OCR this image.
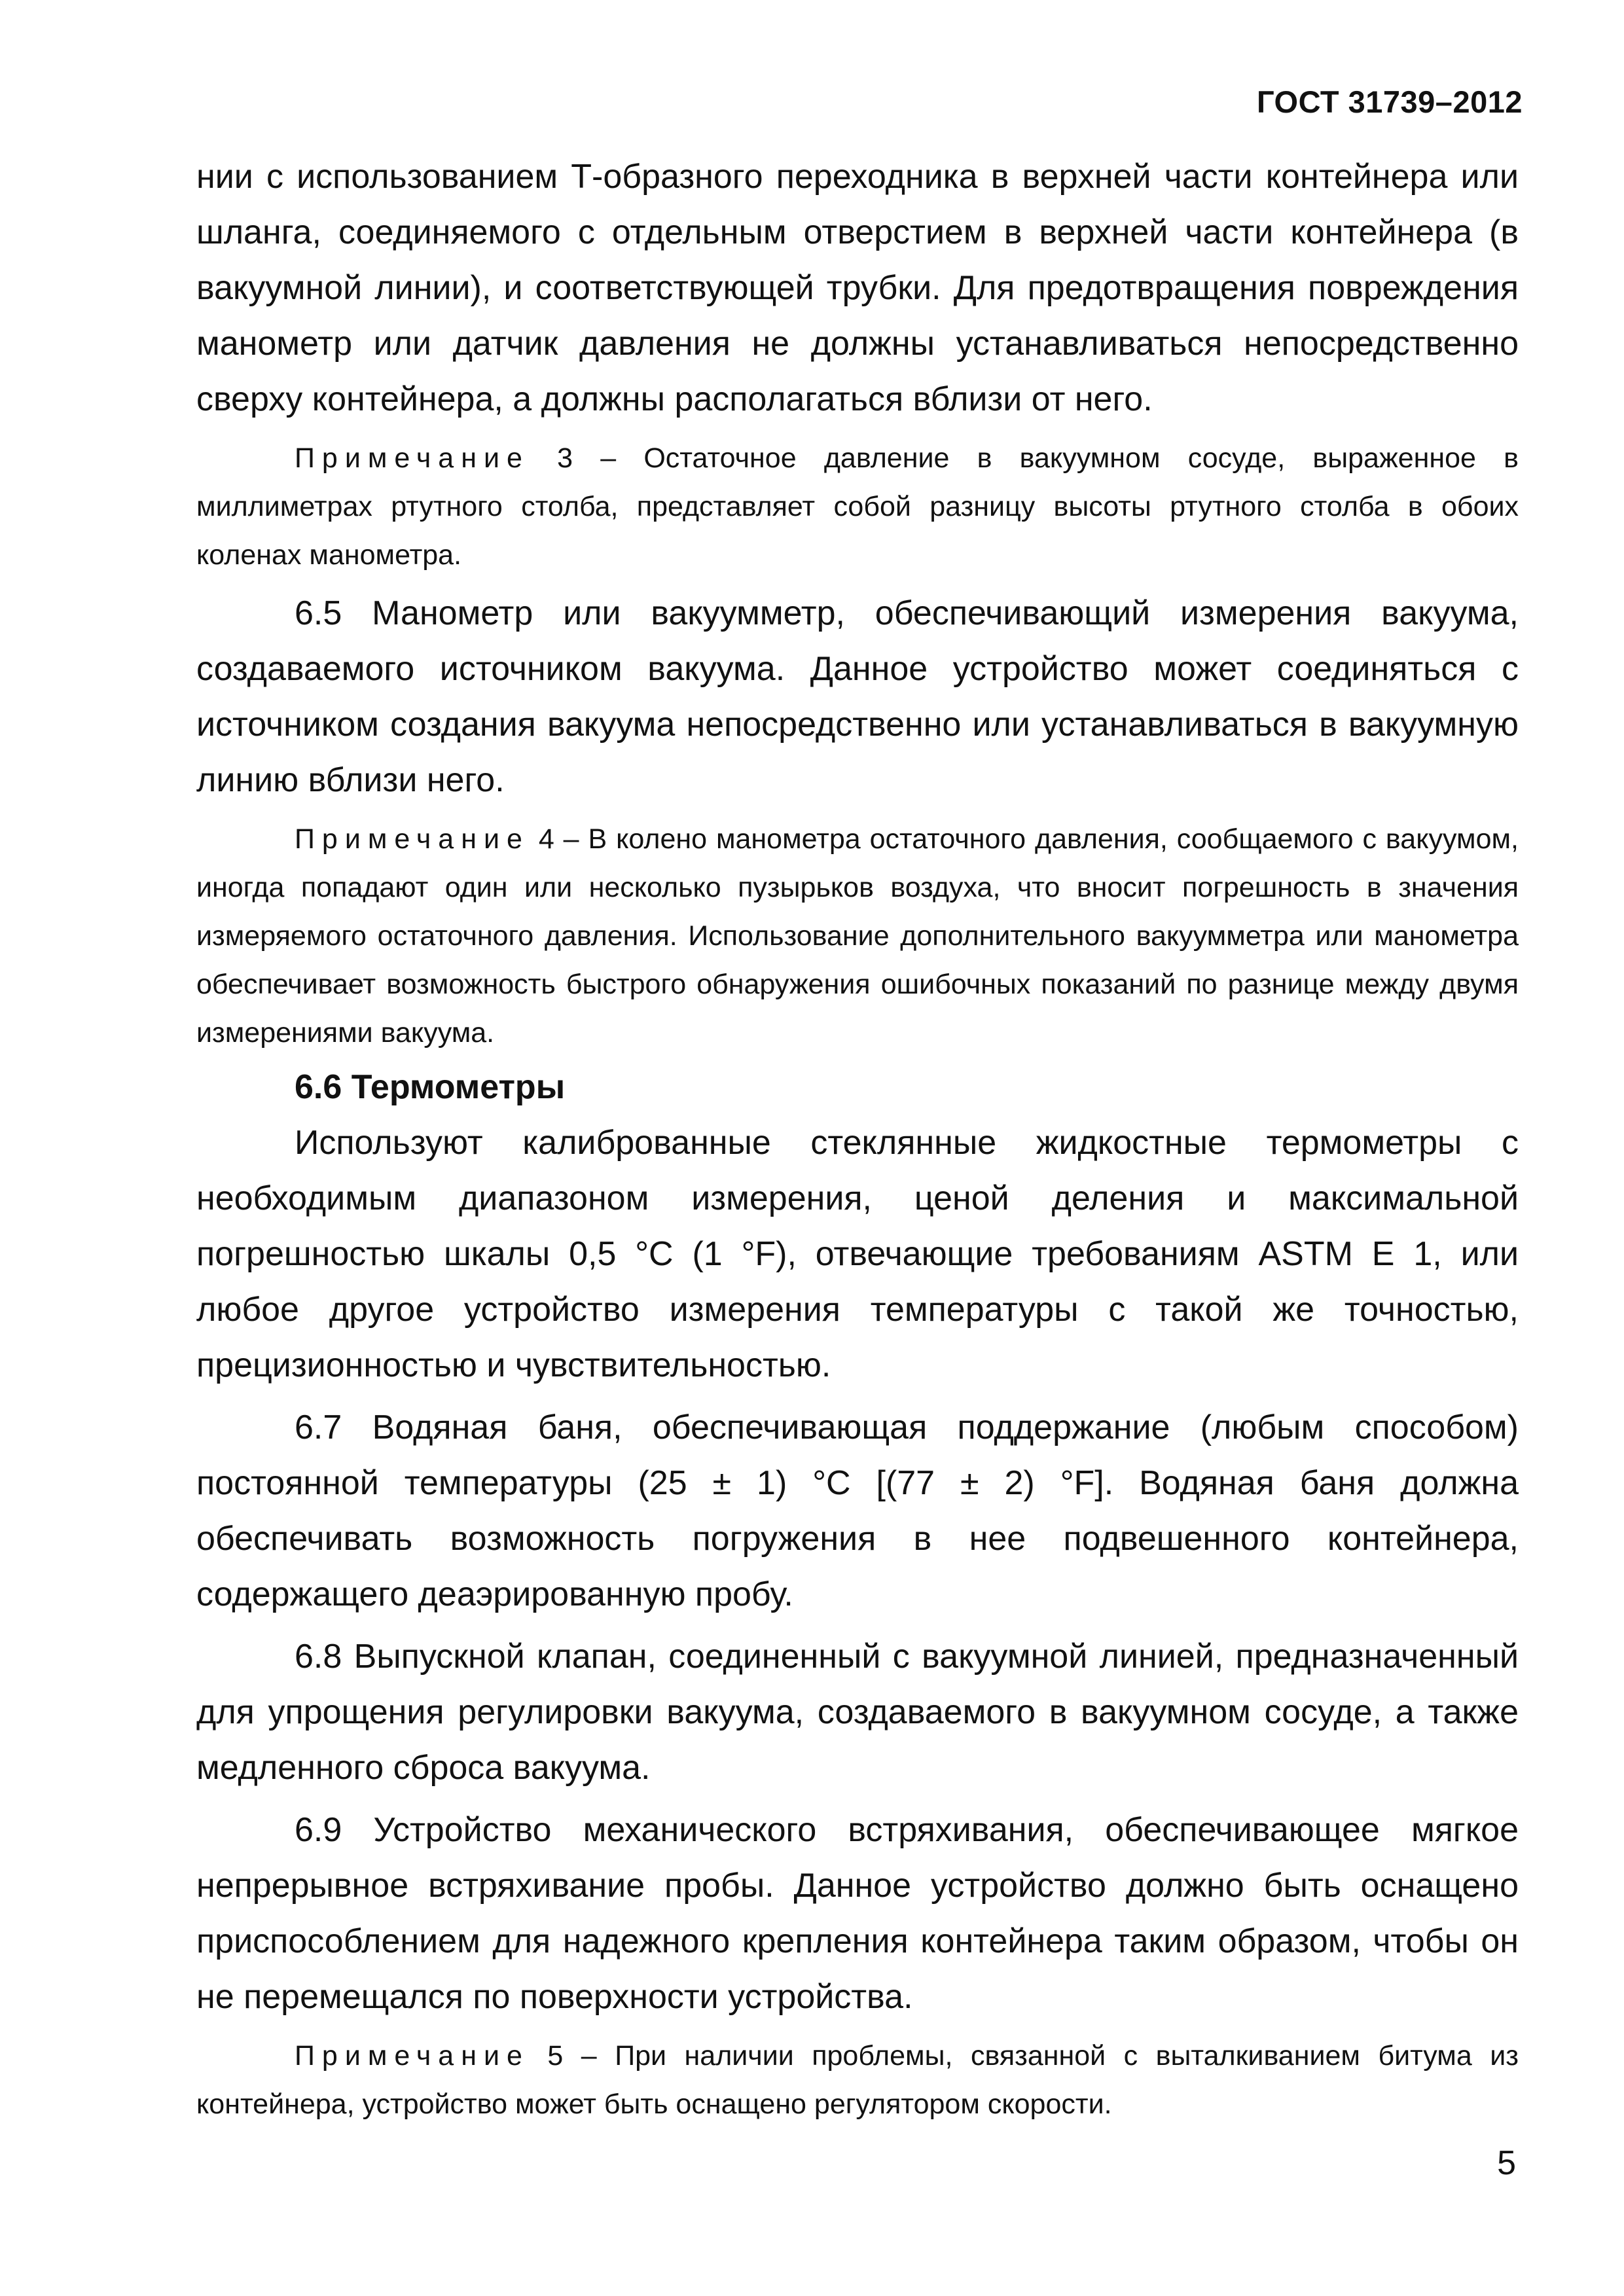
ГОСТ 31739–2012

нии с использованием Т-образного переходника в верхней части контейнера или шланга, соединяемого с отдельным отверстием в верхней части контейнера (в вакуумной линии), и соответствующей трубки. Для предотвращения повреждения манометр или датчик давления не должны устанавливаться непосредственно сверху контейнера, а должны располагаться вблизи от него.

Примечание 3 – Остаточное давление в вакуумном сосуде, выраженное в миллиметрах ртутного столба, представляет собой разницу высоты ртутного столба в обоих коленах манометра.

6.5 Манометр или вакуумметр, обеспечивающий измерения вакуума, создаваемого источником вакуума. Данное устройство может соединяться с источником создания вакуума непосредственно или устанавливаться в вакуумную линию вблизи него.

Примечание 4 – В колено манометра остаточного давления, сообщаемого с вакуумом, иногда попадают один или несколько пузырьков воздуха, что вносит погрешность в значения измеряемого остаточного давления. Использование дополнительного вакуумметра или манометра обеспечивает возможность быстрого обнаружения ошибочных показаний по разнице между двумя измерениями вакуума.

6.6 Термометры

Используют калиброванные стеклянные жидкостные термометры с необходимым диапазоном измерения, ценой деления и максимальной погрешностью шкалы 0,5 °С (1 °F), отвечающие требованиям ASTM E 1, или любое другое устройство измерения температуры с такой же точностью, прецизионностью и чувствительностью.

6.7 Водяная баня, обеспечивающая поддержание (любым способом) постоянной температуры (25 ± 1) °С [(77 ± 2) °F]. Водяная баня должна обеспечивать возможность погружения в нее подвешенного контейнера, содержащего деаэрированную пробу.

6.8 Выпускной клапан, соединенный с вакуумной линией, предназначенный для упрощения регулировки вакуума, создаваемого в вакуумном сосуде, а также медленного сброса вакуума.

6.9 Устройство механического встряхивания, обеспечивающее мягкое непрерывное встряхивание пробы. Данное устройство должно быть оснащено приспособлением для надежного крепления контейнера таким образом, чтобы он не перемещался по поверхности устройства.

Примечание 5 – При наличии проблемы, связанной с выталкиванием битума из контейнера, устройство может быть оснащено регулятором скорости.

5
